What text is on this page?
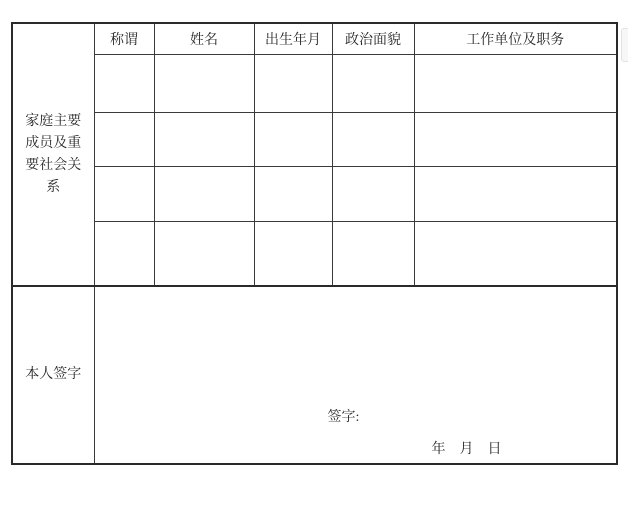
家庭主要成员及重要社会关系	称谓	姓名	出生年月	政治面貌	工作单位及职务

本人签字	签字:
年　月　日				
